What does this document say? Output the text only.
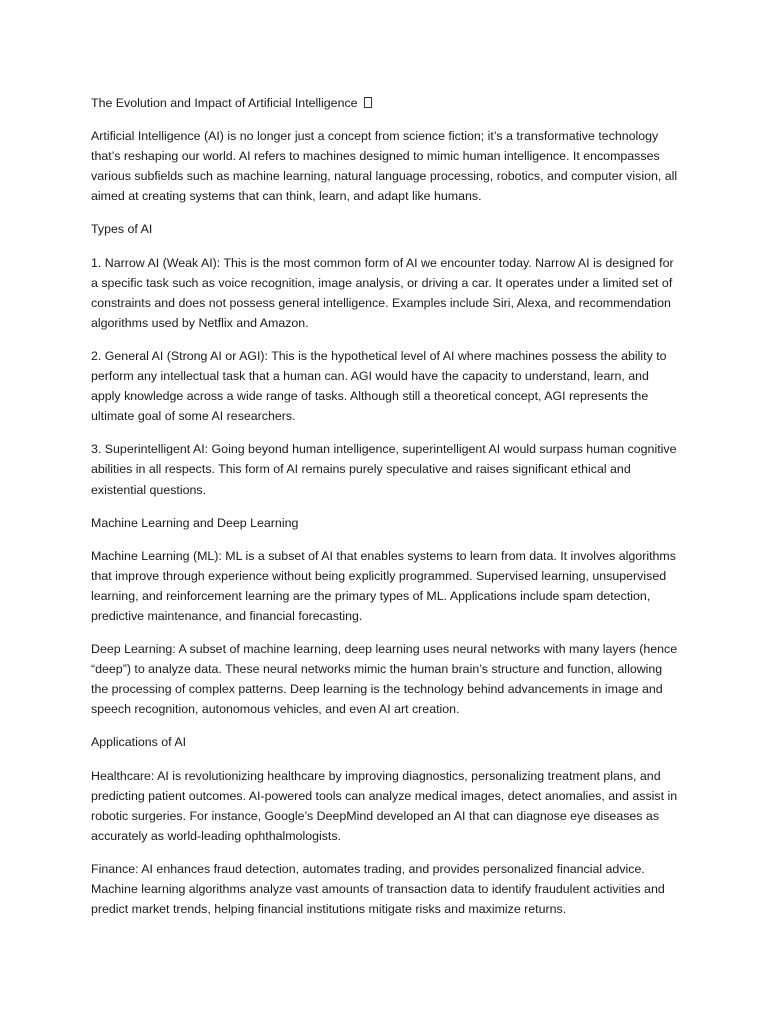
The Evolution and Impact of Artificial Intelligence

Artificial Intelligence (AI) is no longer just a concept from science fiction; it’s a transformative technology that’s reshaping our world. AI refers to machines designed to mimic human intelligence. It encompasses various subfields such as machine learning, natural language processing, robotics, and computer vision, all aimed at creating systems that can think, learn, and adapt like humans.

Types of AI

1. Narrow AI (Weak AI): This is the most common form of AI we encounter today. Narrow AI is designed for a specific task such as voice recognition, image analysis, or driving a car. It operates under a limited set of constraints and does not possess general intelligence. Examples include Siri, Alexa, and recommendation algorithms used by Netflix and Amazon.

2. General AI (Strong AI or AGI): This is the hypothetical level of AI where machines possess the ability to perform any intellectual task that a human can. AGI would have the capacity to understand, learn, and apply knowledge across a wide range of tasks. Although still a theoretical concept, AGI represents the ultimate goal of some AI researchers.

3. Superintelligent AI: Going beyond human intelligence, superintelligent AI would surpass human cognitive abilities in all respects. This form of AI remains purely speculative and raises significant ethical and existential questions.

Machine Learning and Deep Learning

Machine Learning (ML): ML is a subset of AI that enables systems to learn from data. It involves algorithms that improve through experience without being explicitly programmed. Supervised learning, unsupervised learning, and reinforcement learning are the primary types of ML. Applications include spam detection, predictive maintenance, and financial forecasting.

Deep Learning: A subset of machine learning, deep learning uses neural networks with many layers (hence “deep”) to analyze data. These neural networks mimic the human brain’s structure and function, allowing the processing of complex patterns. Deep learning is the technology behind advancements in image and speech recognition, autonomous vehicles, and even AI art creation.

Applications of AI

Healthcare: AI is revolutionizing healthcare by improving diagnostics, personalizing treatment plans, and predicting patient outcomes. AI-powered tools can analyze medical images, detect anomalies, and assist in robotic surgeries. For instance, Google’s DeepMind developed an AI that can diagnose eye diseases as accurately as world-leading ophthalmologists.

Finance: AI enhances fraud detection, automates trading, and provides personalized financial advice. Machine learning algorithms analyze vast amounts of transaction data to identify fraudulent activities and predict market trends, helping financial institutions mitigate risks and maximize returns.
